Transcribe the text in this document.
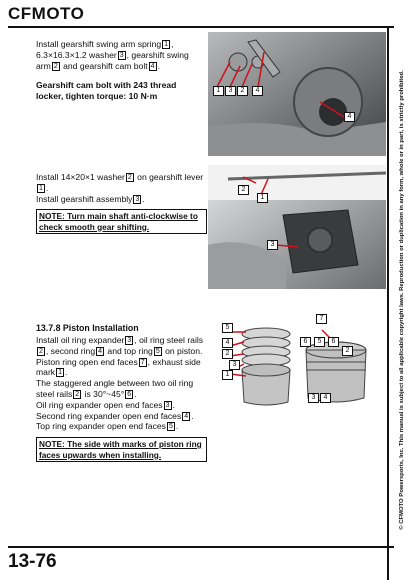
CFMOTO
© CFMOTO Powersports, Inc. This manual is subject to all applicable copyright laws. Reproduction or duplication in any form, whole or in part, is strictly prohibited.
Install gearshift swing arm spring 1 , 6.3×16.3×1.2 washer 3 , gearshift swing arm 2 and gearshift cam bolt 4 .
Gearshift cam bolt with 243 thread locker, tighten torque: 10 N·m
1	3	2	4
4
Install 14×20×1 washer 2 on gearshift lever1 .
Install gearshift assembly 3 .
NOTE: Turn main shaft anti-clockwise to check smooth gear shifting.
2
1
3
13.7.8 Piston Installation
Install oil ring expander 3 , oil ring steel rails2 , second ring 4 and top ring 5 on piston.
Piston ring open end faces 7 , exhaust side mark 1 .
The staggered angle between two oil ring steel rails 2 is 30°~45° 6 .
Oil ring expander open end faces 3 .
Second ring expander open end faces 4 .
Top ring expander open end faces 5 .
NOTE: The side with marks of piston ring faces upwards when installing.
5
4
2
3
1
7
6	5	6
2
3	4
13-76
